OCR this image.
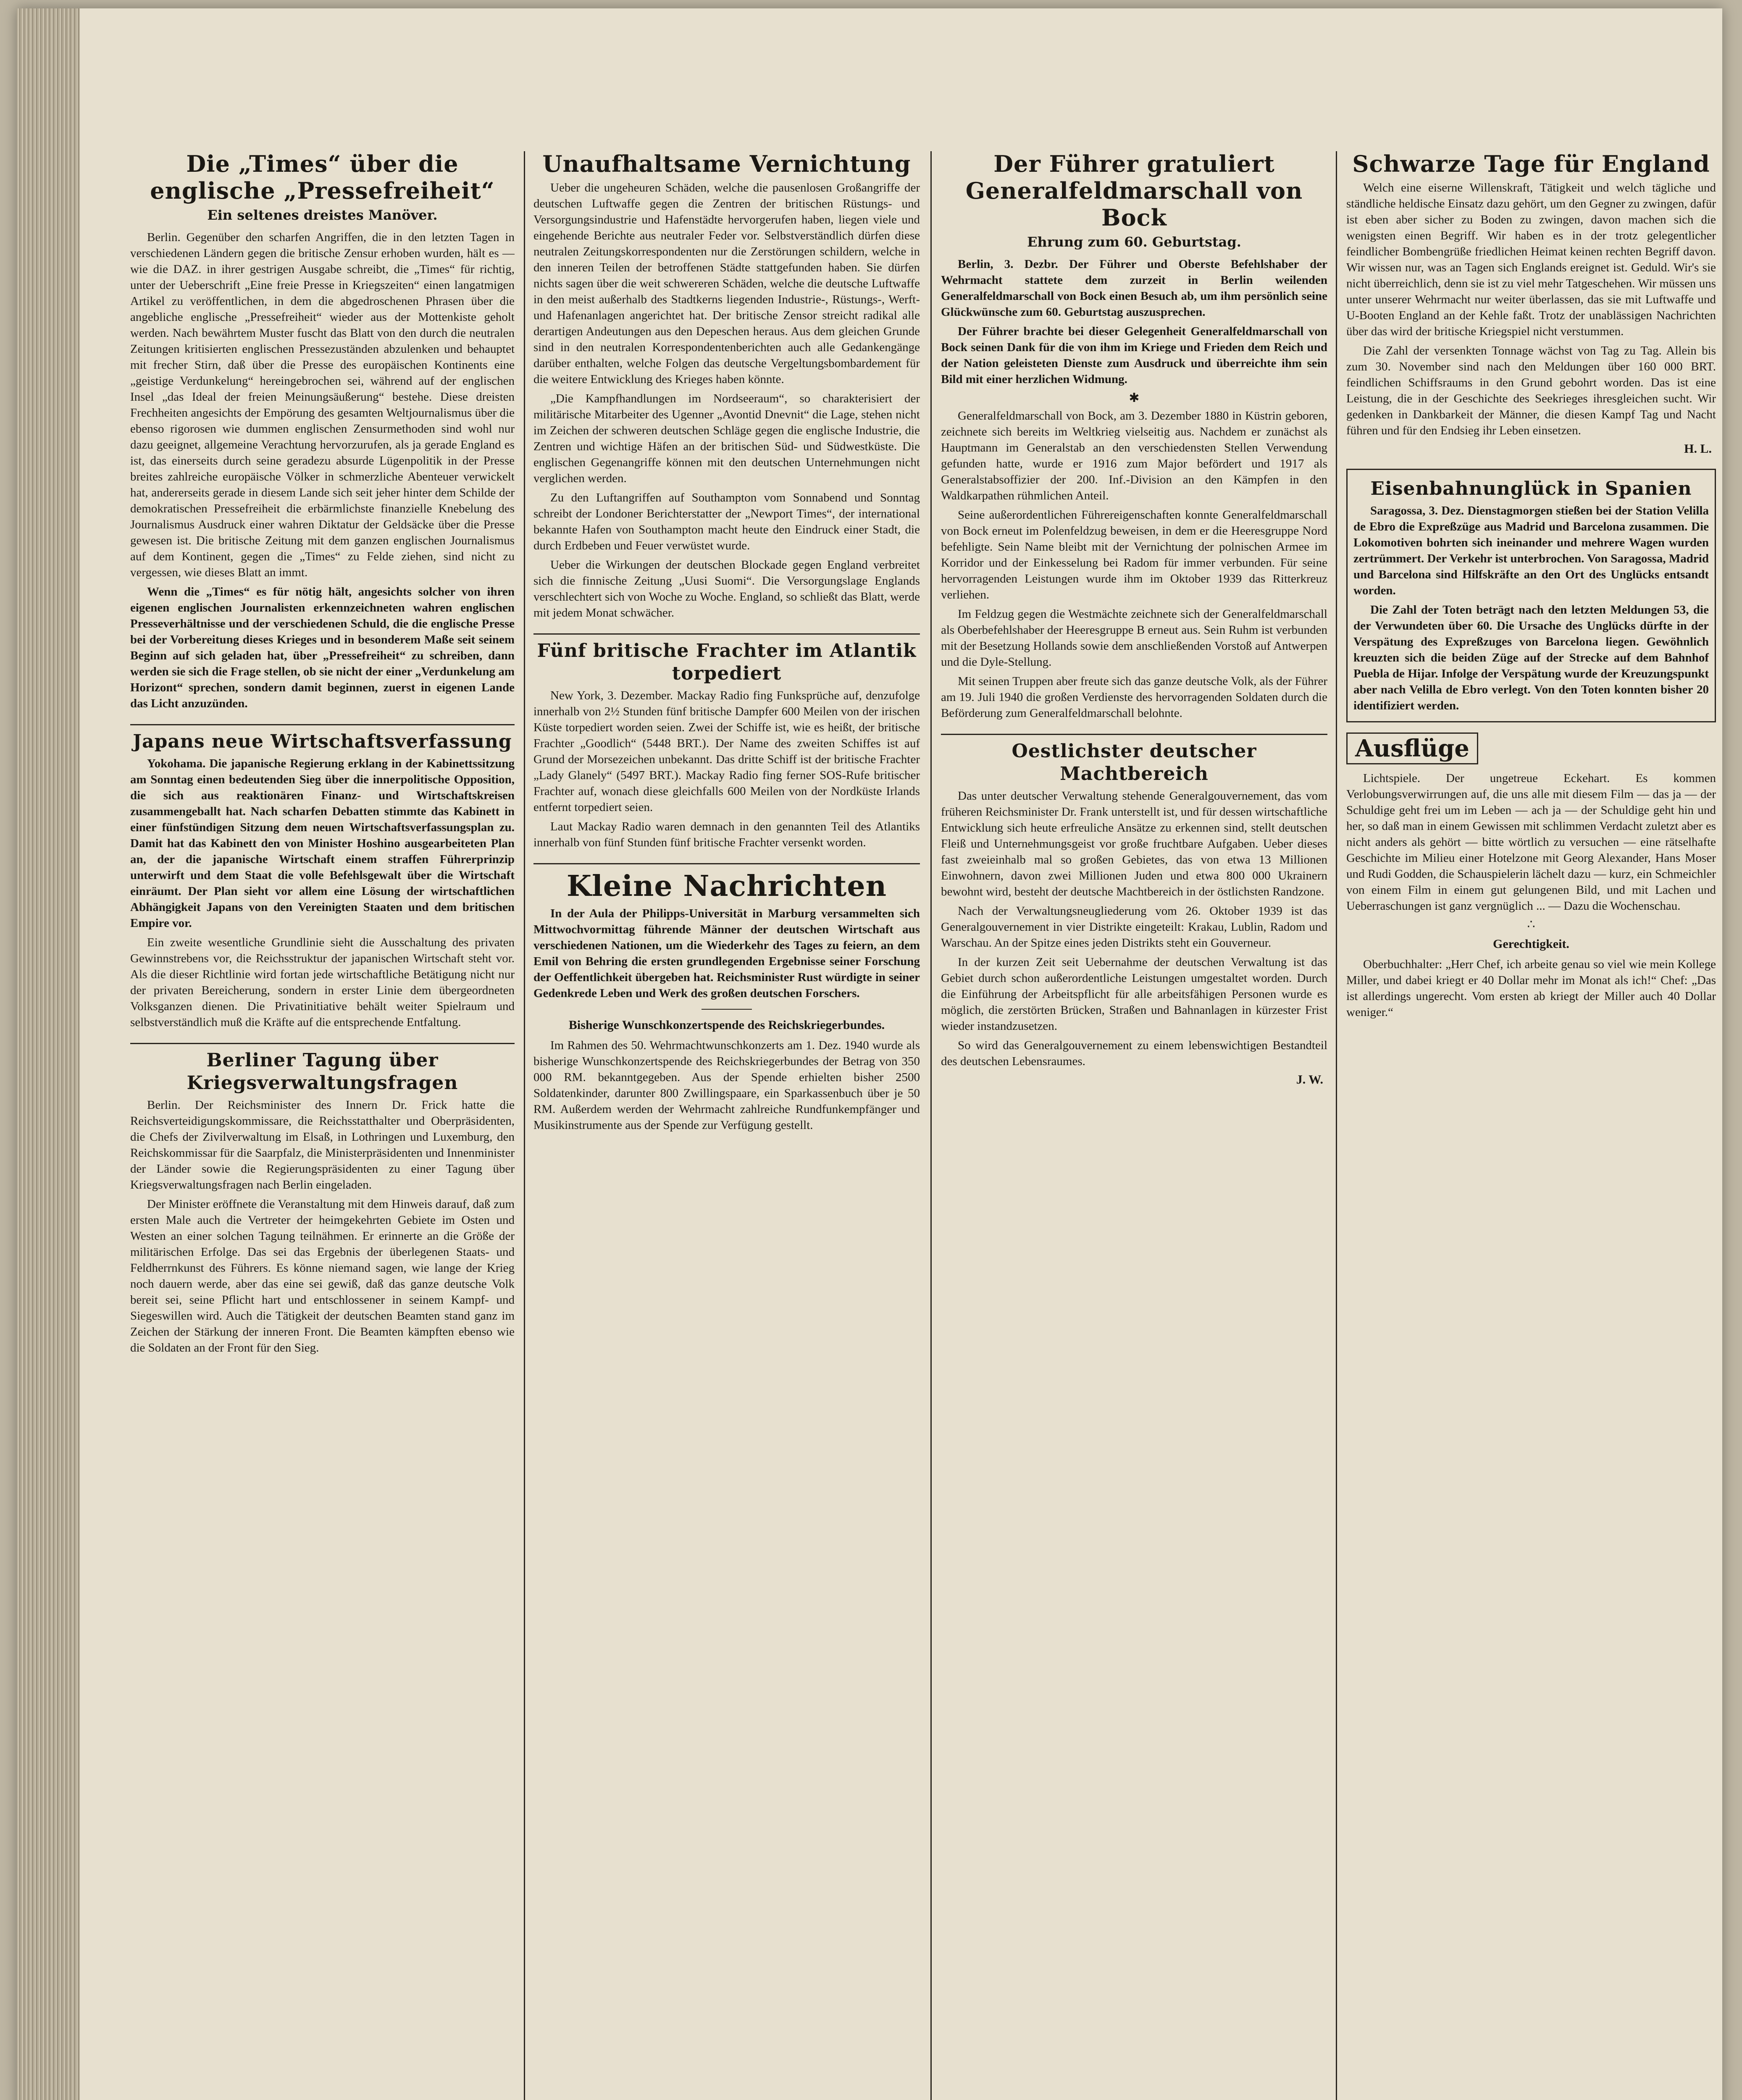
Die „Times“ über die englische „Pressefreiheit“
Ein seltenes dreistes Manöver.

Berlin. Gegenüber den scharfen Angriffen, die in den letzten Tagen in verschiedenen Ländern gegen die britische Zensur erhoben wurden, hält es — wie die DAZ. in ihrer gestrigen Ausgabe schreibt, die „Times“ für richtig, unter der Ueberschrift „Eine freie Presse in Kriegszeiten“ einen langatmigen Artikel zu veröffentlichen, in dem die abgedroschenen Phrasen über die angebliche englische „Pressefreiheit“ wieder aus der Mottenkiste geholt werden. Nach bewährtem Muster fuscht das Blatt von den durch die neutralen Zeitungen kritisierten englischen Pressezuständen abzulenken und behauptet mit frecher Stirn, daß über die Presse des europäischen Kontinents eine „geistige Verdunkelung“ hereingebrochen sei, während auf der englischen Insel „das Ideal der freien Meinungsäußerung“ bestehe. Diese dreisten Frechheiten angesichts der Empörung des gesamten Weltjournalismus über die ebenso rigorosen wie dummen englischen Zensurmethoden sind wohl nur dazu geeignet, allgemeine Verachtung hervorzurufen, als ja gerade England es ist, das einerseits durch seine geradezu absurde Lügenpolitik in der Presse breites zahlreiche europäische Völker in schmerzliche Abenteuer verwickelt hat, andererseits gerade in diesem Lande sich seit jeher hinter dem Schilde der demokratischen Pressefreiheit die erbärmlichste finanzielle Knebelung des Journalismus Ausdruck einer wahren Diktatur der Geldsäcke über die Presse gewesen ist. Die britische Zeitung mit dem ganzen englischen Journalismus auf dem Kontinent, gegen die „Times“ zu Felde ziehen, sind nicht zu vergessen, wie dieses Blatt an immt.

Wenn die „Times“ es für nötig hält, angesichts solcher von ihren eigenen englischen Journalisten erkennzeichneten wahren englischen Presseverhältnisse und der verschiedenen Schuld, die die englische Presse bei der Vorbereitung dieses Krieges und in besonderem Maße seit seinem Beginn auf sich geladen hat, über „Pressefreiheit“ zu schreiben, dann werden sie sich die Frage stellen, ob sie nicht der einer „Verdunkelung am Horizont“ sprechen, sondern damit beginnen, zuerst in eigenen Lande das Licht anzuzünden.

Japans neue Wirtschaftsverfassung

Yokohama. Die japanische Regierung erklang in der Kabinettssitzung am Sonntag einen bedeutenden Sieg über die innerpolitische Opposition, die sich aus reaktionären Finanz- und Wirtschaftskreisen zusammengeballt hat. Nach scharfen Debatten stimmte das Kabinett in einer fünfstündigen Sitzung dem neuen Wirtschaftsverfassungsplan zu. Damit hat das Kabinett den von Minister Hoshino ausgearbeiteten Plan an, der die japanische Wirtschaft einem straffen Führerprinzip unterwirft und dem Staat die volle Befehlsgewalt über die Wirtschaft einräumt. Der Plan sieht vor allem eine Lösung der wirtschaftlichen Abhängigkeit Japans von den Vereinigten Staaten und dem britischen Empire vor.

Ein zweite wesentliche Grundlinie sieht die Ausschaltung des privaten Gewinnstrebens vor, die Reichsstruktur der japanischen Wirtschaft steht vor. Als die dieser Richtlinie wird fortan jede wirtschaftliche Betätigung nicht nur der privaten Bereicherung, sondern in erster Linie dem übergeordneten Volksganzen dienen. Die Privatinitiative behält weiter Spielraum und selbstverständlich muß die Kräfte auf die entsprechende Entfaltung.

Berliner Tagung über Kriegsverwaltungsfragen

Berlin. Der Reichsminister des Innern Dr. Frick hatte die Reichsverteidigungskommissare, die Reichsstatthalter und Oberpräsidenten, die Chefs der Zivilverwaltung im Elsaß, in Lothringen und Luxemburg, den Reichskommissar für die Saarpfalz, die Ministerpräsidenten und Innenminister der Länder sowie die Regierungspräsidenten zu einer Tagung über Kriegsverwaltungsfragen nach Berlin eingeladen.

Der Minister eröffnete die Veranstaltung mit dem Hinweis darauf, daß zum ersten Male auch die Vertreter der heimgekehrten Gebiete im Osten und Westen an einer solchen Tagung teilnähmen. Er erinnerte an die Größe der militärischen Erfolge. Das sei das Ergebnis der überlegenen Staats- und Feldherrnkunst des Führers. Es könne niemand sagen, wie lange der Krieg noch dauern werde, aber das eine sei gewiß, daß das ganze deutsche Volk bereit sei, seine Pflicht hart und entschlossener in seinem Kampf- und Siegeswillen wird. Auch die Tätigkeit der deutschen Beamten stand ganz im Zeichen der Stärkung der inneren Front. Die Beamten kämpften ebenso wie die Soldaten an der Front für den Sieg.

Unaufhaltsame Vernichtung

Ueber die ungeheuren Schäden, welche die pausenlosen Großangriffe der deutschen Luftwaffe gegen die Zentren der britischen Rüstungs- und Versorgungsindustrie und Hafenstädte hervorgerufen haben, liegen viele und eingehende Berichte aus neutraler Feder vor. Selbstverständlich dürfen diese neutralen Zeitungskorrespondenten nur die Zerstörungen schildern, welche in den inneren Teilen der betroffenen Städte stattgefunden haben. Sie dürfen nichts sagen über die weit schwereren Schäden, welche die deutsche Luftwaffe in den meist außerhalb des Stadtkerns liegenden Industrie-, Rüstungs-, Werft- und Hafenanlagen angerichtet hat. Der britische Zensor streicht radikal alle derartigen Andeutungen aus den Depeschen heraus. Aus dem gleichen Grunde sind in den neutralen Korrespondentenberichten auch alle Gedankengänge darüber enthalten, welche Folgen das deutsche Vergeltungsbombardement für die weitere Entwicklung des Krieges haben könnte.

„Die Kampfhandlungen im Nordseeraum“, so charakterisiert der militärische Mitarbeiter des Ugenner „Avontid Dnevnit“ die Lage, stehen nicht im Zeichen der schweren deutschen Schläge gegen die englische Industrie, die Zentren und wichtige Häfen an der britischen Süd- und Südwestküste. Die englischen Gegenangriffe können mit den deutschen Unternehmungen nicht verglichen werden.

Zu den Luftangriffen auf Southampton vom Sonnabend und Sonntag schreibt der Londoner Berichterstatter der „Newport Times“, der international bekannte Hafen von Southampton macht heute den Eindruck einer Stadt, die durch Erdbeben und Feuer verwüstet wurde.

Ueber die Wirkungen der deutschen Blockade gegen England verbreitet sich die finnische Zeitung „Uusi Suomi“. Die Versorgungslage Englands verschlechtert sich von Woche zu Woche. England, so schließt das Blatt, werde mit jedem Monat schwächer.

Fünf britische Frachter im Atlantik torpediert

New York, 3. Dezember. Mackay Radio fing Funksprüche auf, denzufolge innerhalb von 2½ Stunden fünf britische Dampfer 600 Meilen von der irischen Küste torpediert worden seien. Zwei der Schiffe ist, wie es heißt, der britische Frachter „Goodlich“ (5448 BRT.). Der Name des zweiten Schiffes ist auf Grund der Morsezeichen unbekannt. Das dritte Schiff ist der britische Frachter „Lady Glanely“ (5497 BRT.). Mackay Radio fing ferner SOS-Rufe britischer Frachter auf, wonach diese gleichfalls 600 Meilen von der Nordküste Irlands entfernt torpediert seien.

Laut Mackay Radio waren demnach in den genannten Teil des Atlantiks innerhalb von fünf Stunden fünf britische Frachter versenkt worden.

Kleine Nachrichten

In der Aula der Philipps-Universität in Marburg versammelten sich Mittwochvormittag führende Männer der deutschen Wirtschaft aus verschiedenen Nationen, um die Wiederkehr des Tages zu feiern, an dem Emil von Behring die ersten grundlegenden Ergebnisse seiner Forschung der Oeffentlichkeit übergeben hat. Reichsminister Rust würdigte in seiner Gedenkrede Leben und Werk des großen deutschen Forschers.

Bisherige Wunschkonzertspende des Reichskriegerbundes.

Im Rahmen des 50. Wehrmachtwunschkonzerts am 1. Dez. 1940 wurde als bisherige Wunschkonzertspende des Reichskriegerbundes der Betrag von 350 000 RM. bekanntgegeben. Aus der Spende erhielten bisher 2500 Soldatenkinder, darunter 800 Zwillingspaare, ein Sparkassenbuch über je 50 RM. Außerdem werden der Wehrmacht zahlreiche Rundfunkempfänger und Musikinstrumente aus der Spende zur Verfügung gestellt.

Der Führer gratuliert Generalfeldmarschall von Bock
Ehrung zum 60. Geburtstag.

Berlin, 3. Dezbr. Der Führer und Oberste Befehlshaber der Wehrmacht stattete dem zurzeit in Berlin weilenden Generalfeldmarschall von Bock einen Besuch ab, um ihm persönlich seine Glückwünsche zum 60. Geburtstag auszusprechen.

Der Führer brachte bei dieser Gelegenheit Generalfeldmarschall von Bock seinen Dank für die von ihm im Kriege und Frieden dem Reich und der Nation geleisteten Dienste zum Ausdruck und überreichte ihm sein Bild mit einer herzlichen Widmung.

✱

Generalfeldmarschall von Bock, am 3. Dezember 1880 in Küstrin geboren, zeichnete sich bereits im Weltkrieg vielseitig aus. Nachdem er zunächst als Hauptmann im Generalstab an den verschiedensten Stellen Verwendung gefunden hatte, wurde er 1916 zum Major befördert und 1917 als Generalstabsoffizier der 200. Inf.-Division an den Kämpfen in den Waldkarpathen rühmlichen Anteil.

Seine außerordentlichen Führereigenschaften konnte Generalfeldmarschall von Bock erneut im Polenfeldzug beweisen, in dem er die Heeresgruppe Nord befehligte. Sein Name bleibt mit der Vernichtung der polnischen Armee im Korridor und der Einkesselung bei Radom für immer verbunden. Für seine hervorragenden Leistungen wurde ihm im Oktober 1939 das Ritterkreuz verliehen.

Im Feldzug gegen die Westmächte zeichnete sich der Generalfeldmarschall als Oberbefehlshaber der Heeresgruppe B erneut aus. Sein Ruhm ist verbunden mit der Besetzung Hollands sowie dem anschließenden Vorstoß auf Antwerpen und die Dyle-Stellung.

Mit seinen Truppen aber freute sich das ganze deutsche Volk, als der Führer am 19. Juli 1940 die großen Verdienste des hervorragenden Soldaten durch die Beförderung zum Generalfeldmarschall belohnte.

Oestlichster deutscher Machtbereich

Das unter deutscher Verwaltung stehende Generalgouvernement, das vom früheren Reichsminister Dr. Frank unterstellt ist, und für dessen wirtschaftliche Entwicklung sich heute erfreuliche Ansätze zu erkennen sind, stellt deutschen Fleiß und Unternehmungsgeist vor große fruchtbare Aufgaben. Ueber dieses fast zweieinhalb mal so großen Gebietes, das von etwa 13 Millionen Einwohnern, davon zwei Millionen Juden und etwa 800 000 Ukrainern bewohnt wird, besteht der deutsche Machtbereich in der östlichsten Randzone.

Nach der Verwaltungsneugliederung vom 26. Oktober 1939 ist das Generalgouvernement in vier Distrikte eingeteilt: Krakau, Lublin, Radom und Warschau. An der Spitze eines jeden Distrikts steht ein Gouverneur.

In der kurzen Zeit seit Uebernahme der deutschen Verwaltung ist das Gebiet durch schon außerordentliche Leistungen umgestaltet worden. Durch die Einführung der Arbeitspflicht für alle arbeitsfähigen Personen wurde es möglich, die zerstörten Brücken, Straßen und Bahnanlagen in kürzester Frist wieder instandzusetzen.

So wird das Generalgouvernement zu einem lebenswichtigen Bestandteil des deutschen Lebensraumes.

J. W.
Schwarze Tage für England

Welch eine eiserne Willenskraft, Tätigkeit und welch tägliche und ständliche heldische Einsatz dazu gehört, um den Gegner zu zwingen, dafür ist eben aber sicher zu Boden zu zwingen, davon machen sich die wenigsten einen Begriff. Wir haben es in der trotz gelegentlicher feindlicher Bombengrüße friedlichen Heimat keinen rechten Begriff davon. Wir wissen nur, was an Tagen sich Englands ereignet ist. Geduld. Wir's sie nicht überreichlich, denn sie ist zu viel mehr Tatgeschehen. Wir müssen uns unter unserer Wehrmacht nur weiter überlassen, das sie mit Luftwaffe und U-Booten England an der Kehle faßt. Trotz der unablässigen Nachrichten über das wird der britische Kriegspiel nicht verstummen.

Die Zahl der versenkten Tonnage wächst von Tag zu Tag. Allein bis zum 30. November sind nach den Meldungen über 160 000 BRT. feindlichen Schiffsraums in den Grund gebohrt worden. Das ist eine Leistung, die in der Geschichte des Seekrieges ihresgleichen sucht. Wir gedenken in Dankbarkeit der Männer, die diesen Kampf Tag und Nacht führen und für den Endsieg ihr Leben einsetzen.

H. L.
Eisenbahnunglück in Spanien

Saragossa, 3. Dez. Dienstagmorgen stießen bei der Station Velilla de Ebro die Expreßzüge aus Madrid und Barcelona zusammen. Die Lokomotiven bohrten sich ineinander und mehrere Wagen wurden zertrümmert. Der Verkehr ist unterbrochen. Von Saragossa, Madrid und Barcelona sind Hilfskräfte an den Ort des Unglücks entsandt worden.

Die Zahl der Toten beträgt nach den letzten Meldungen 53, die der Verwundeten über 60. Die Ursache des Unglücks dürfte in der Verspätung des Expreßzuges von Barcelona liegen. Gewöhnlich kreuzten sich die beiden Züge auf der Strecke auf dem Bahnhof Puebla de Hijar. Infolge der Verspätung wurde der Kreuzungspunkt aber nach Velilla de Ebro verlegt. Von den Toten konnten bisher 20 identifiziert werden.

Ausflüge

Lichtspiele. Der ungetreue Eckehart. Es kommen Verlobungsverwirrungen auf, die uns alle mit diesem Film — das ja — der Schuldige geht frei um im Leben — ach ja — der Schuldige geht hin und her, so daß man in einem Gewissen mit schlimmen Verdacht zuletzt aber es nicht anders als gehört — bitte wörtlich zu versuchen — eine rätselhafte Geschichte im Milieu einer Hotelzone mit Georg Alexander, Hans Moser und Rudi Godden, die Schauspielerin lächelt dazu — kurz, ein Schmeichler von einem Film in einem gut gelungenen Bild, und mit Lachen und Ueberraschungen ist ganz vergnüglich ... — Dazu die Wochenschau.

∴
Gerechtigkeit.

Oberbuchhalter: „Herr Chef, ich arbeite genau so viel wie mein Kollege Miller, und dabei kriegt er 40 Dollar mehr im Monat als ich!“ Chef: „Das ist allerdings ungerecht. Vom ersten ab kriegt der Miller auch 40 Dollar weniger.“
